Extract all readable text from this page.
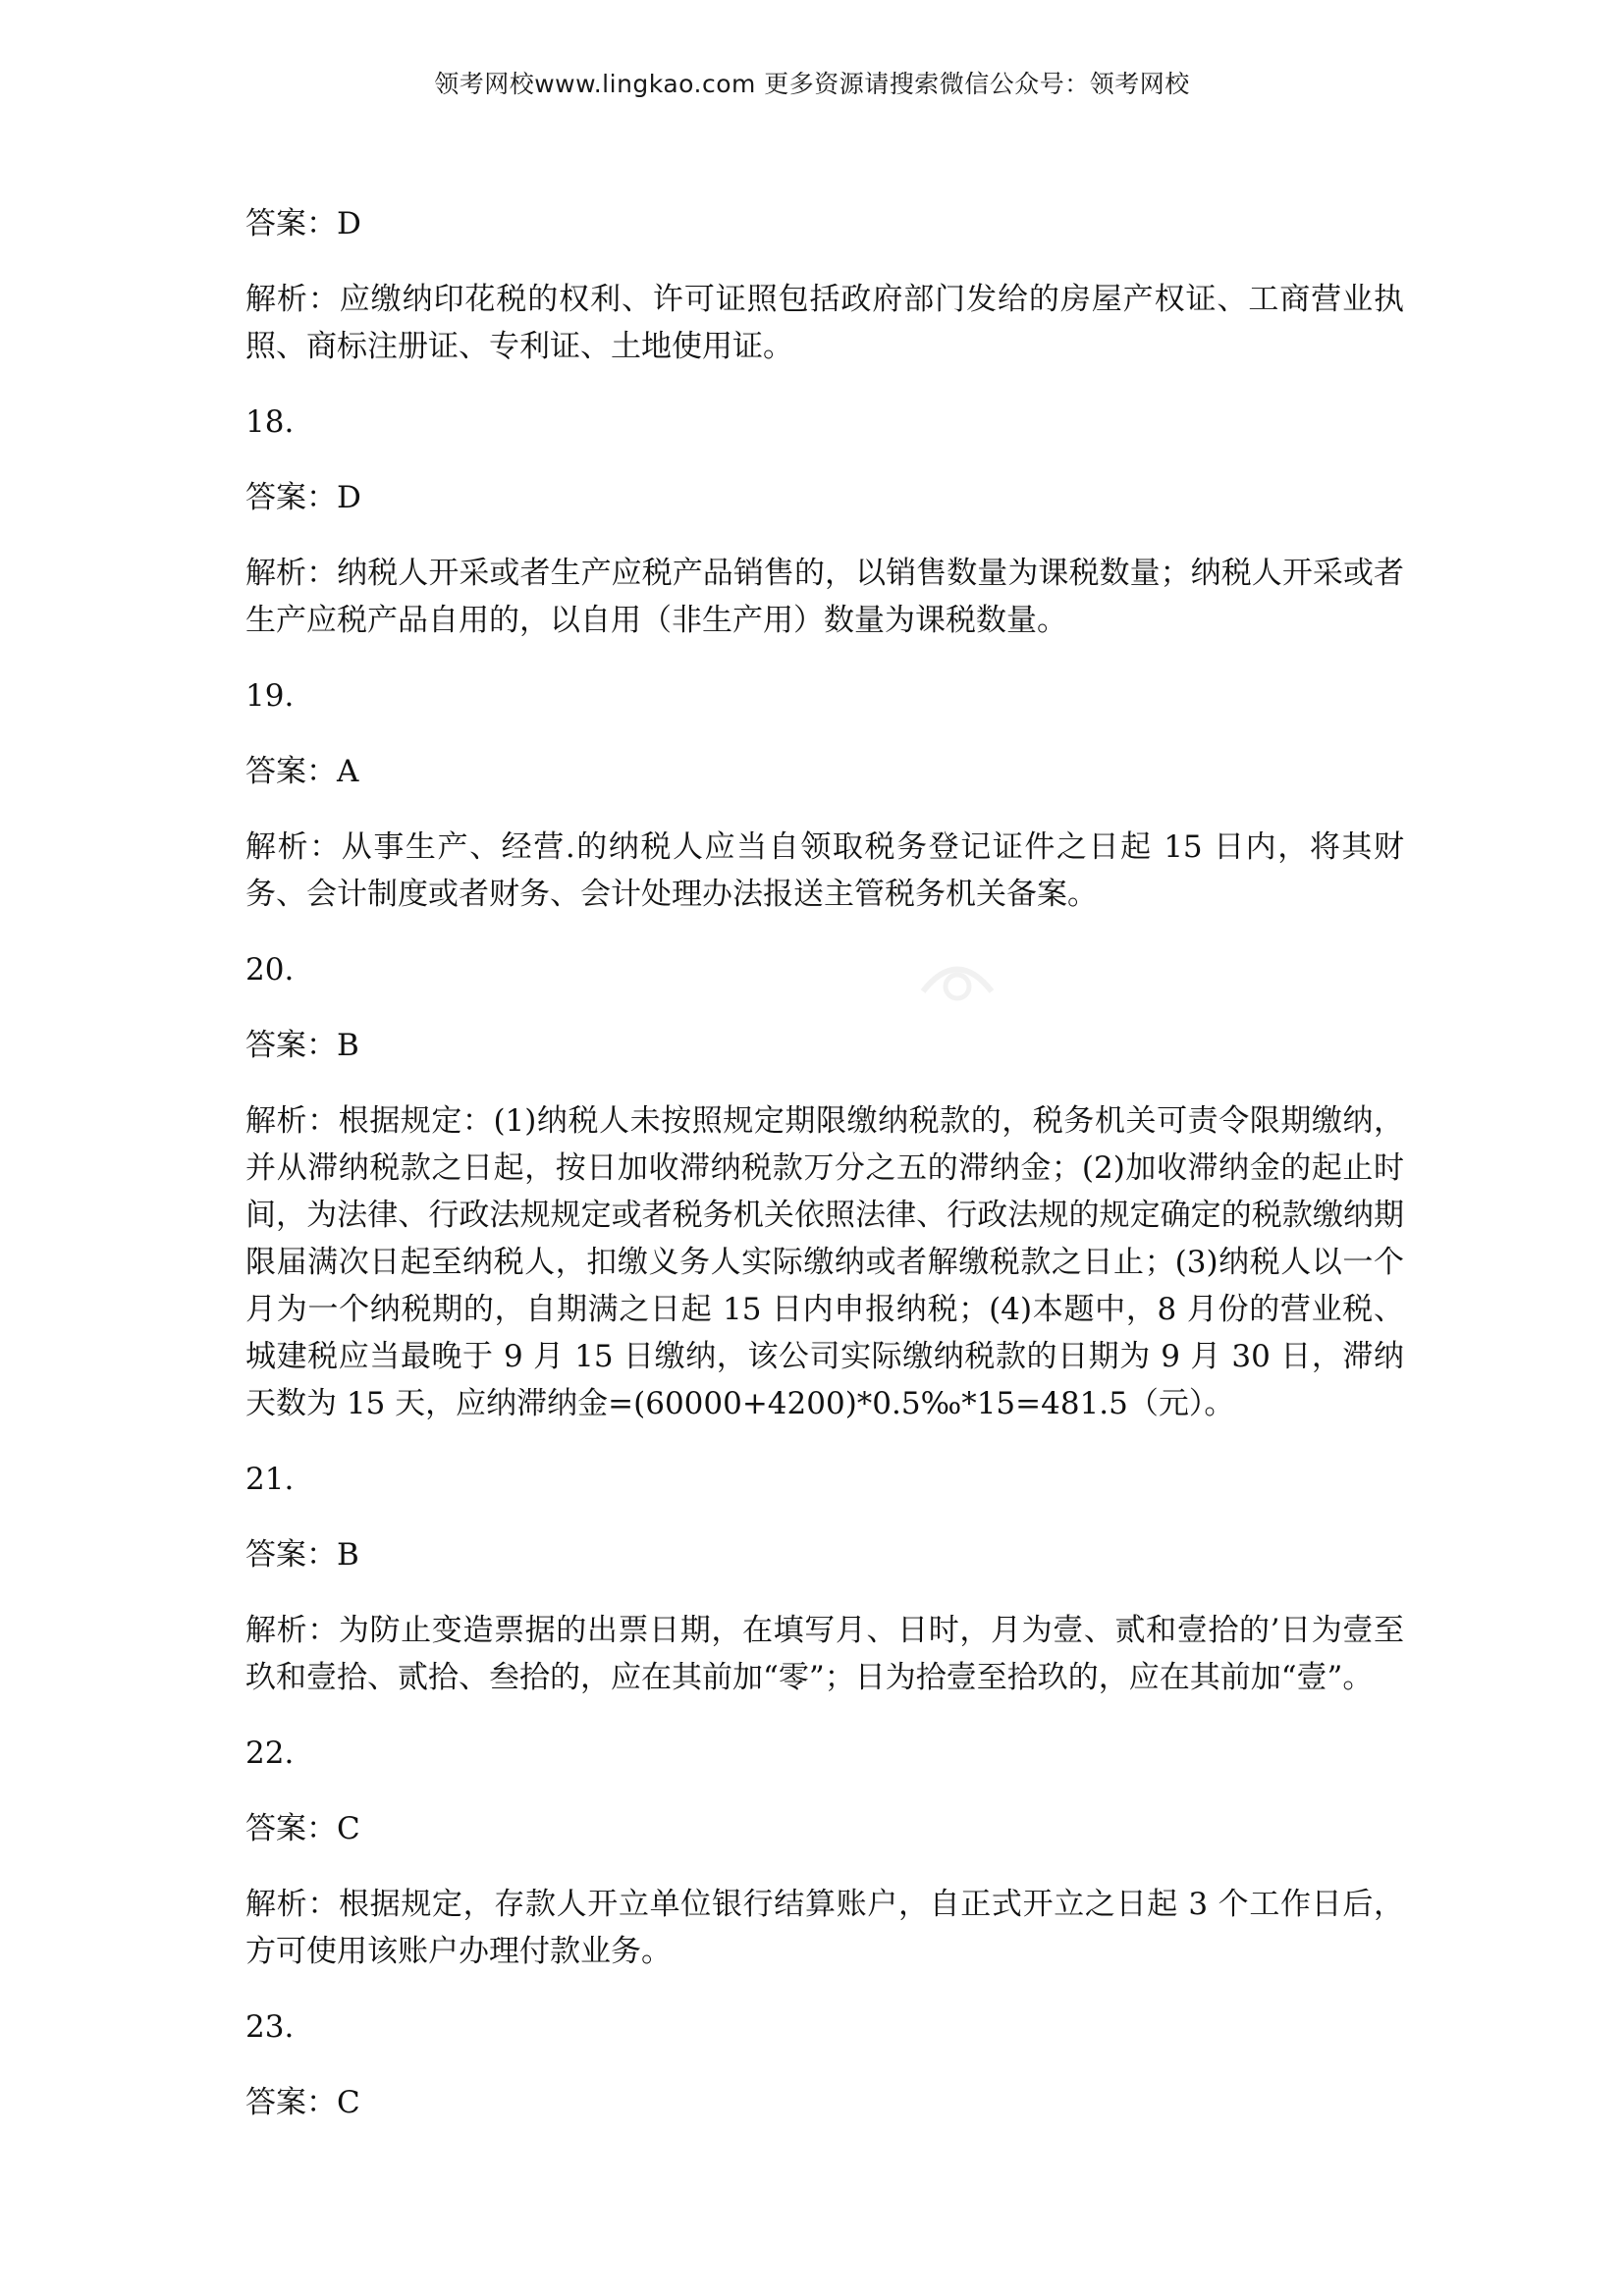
领考网校www.lingkao.com 更多资源请搜索微信公众号：领考网校
答案：D
解析：应缴纳印花税的权利、许可证照包括政府部门发给的房屋产权证、工商营业执照、商标注册证、专利证、土地使用证。
18.
答案：D
解析：纳税人开采或者生产应税产品销售的，以销售数量为课税数量；纳税人开采或者生产应税产品自用的，以自用（非生产用）数量为课税数量。
19.
答案：A
解析：从事生产、经营.的纳税人应当自领取税务登记证件之日起 15 日内，将其财务、会计制度或者财务、会计处理办法报送主管税务机关备案。
20.
答案：B
解析：根据规定：(1)纳税人未按照规定期限缴纳税款的，税务机关可责令限期缴纳，并从滞纳税款之日起，按日加收滞纳税款万分之五的滞纳金；(2)加收滞纳金的起止时间，为法律、行政法规规定或者税务机关依照法律、行政法规的规定确定的税款缴纳期限届满次日起至纳税人，扣缴义务人实际缴纳或者解缴税款之日止；(3)纳税人以一个月为一个纳税期的，自期满之日起 15 日内申报纳税；(4)本题中，8 月份的营业税、城建税应当最晚于 9 月 15 日缴纳，该公司实际缴纳税款的日期为 9 月 30 日，滞纳天数为 15 天，应纳滞纳金=(60000+4200)*0.5‰*15=481.5（元）。
21.
答案：B
解析：为防止变造票据的出票日期，在填写月、日时，月为壹、贰和壹拾的’日为壹至玖和壹拾、贰拾、叁拾的，应在其前加“零”；日为拾壹至拾玖的，应在其前加“壹”。
22.
答案：C
解析：根据规定，存款人开立单位银行结算账户，自正式开立之日起 3 个工作日后，方可使用该账户办理付款业务。
23.
答案：C
